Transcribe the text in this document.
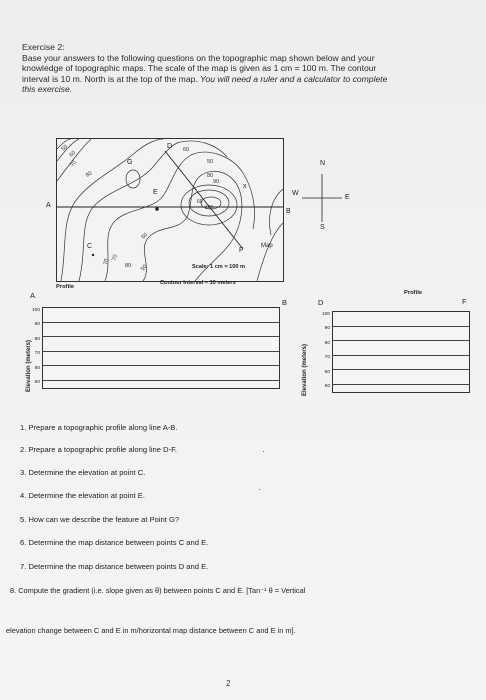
Exercise 2:
Base your answers to the following questions on the topographic map shown below and your
knowledge of topographic maps. The scale of the map is given as 1 cm = 100 m. The contour
interval is 10 m. North is at the top of the map. You will need a ruler and a calculator to complete
this exercise.
50
60
70
80
60
50
60
70
80
90
100
60
70
80 50
D
G
E
x
C
F
Map
A
B
Scale: 1 cm = 100 m
Contour Interval = 10 meters
N
S
E
W
Profile
A
B
Elevation (meters)
100
90
80
70
60
50
Profile
D	F
Elevation (meters)
100
90
80
70
60
50
1. Prepare a topographic profile along line A-B.
2. Prepare a topographic profile along line D-F.
3. Determine the elevation at point C.
4. Determine the elevation at point E.
5. How can we describe the feature at Point G?
6. Determine the map distance between points C and E.
7. Determine the map distance between points D and E.
8. Compute the gradient (i.e. slope given as θ) between points C and E. [Tan⁻¹ θ = Vertical
elevation change between C and E in m/horizontal map distance between C and E in m].
·
·
2
